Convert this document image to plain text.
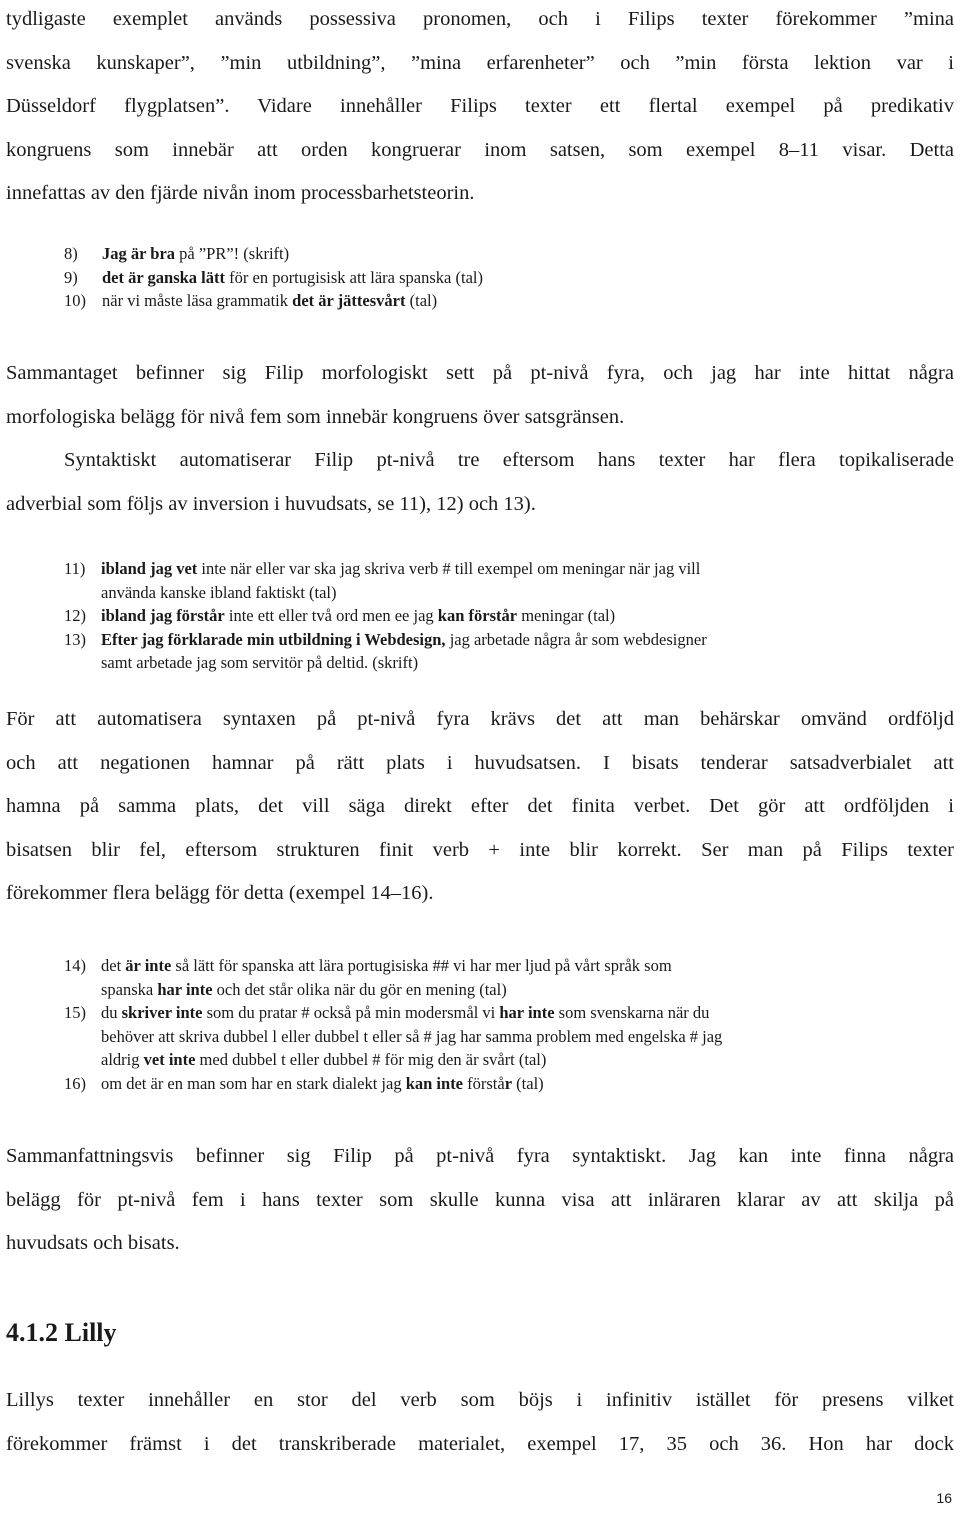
tydligaste exemplet används possessiva pronomen, och i Filips texter förekommer ”mina
svenska kunskaper”, ”min utbildning”, ”mina erfarenheter” och ”min första lektion var i
Düsseldorf flygplatsen”. Vidare innehåller Filips texter ett flertal exempel på predikativ
kongruens som innebär att orden kongruerar inom satsen, som exempel 8–11 visar. Detta
innefattas av den fjärde nivån inom processbarhetsteorin.
8)	Jag är bra på ”PR”! (skrift)
9)	det är ganska lätt för en portugisisk att lära spanska (tal)
10) när vi måste läsa grammatik det är jättesvårt (tal)
Sammantaget befinner sig Filip morfologiskt sett på pt-nivå fyra, och jag har inte hittat några
morfologiska belägg för nivå fem som innebär kongruens över satsgränsen.
Syntaktiskt automatiserar Filip pt-nivå tre eftersom hans texter har flera topikaliserade
adverbial som följs av inversion i huvudsats, se 11), 12) och 13).
11) ibland jag vet inte när eller var ska jag skriva verb # till exempel om meningar när jag vill
använda kanske ibland faktiskt (tal)
12) ibland jag förstår inte ett eller två ord men ee jag kan förstår meningar (tal)
13) Efter jag förklarade min utbildning i Webdesign, jag arbetade några år som webdesigner
samt arbetade jag som servitör på deltid. (skrift)
För att automatisera syntaxen på pt-nivå fyra krävs det att man behärskar omvänd ordföljd
och att negationen hamnar på rätt plats i huvudsatsen. I bisats tenderar satsadverbialet att
hamna på samma plats, det vill säga direkt efter det finita verbet. Det gör att ordföljden i
bisatsen blir fel, eftersom strukturen finit verb + inte blir korrekt. Ser man på Filips texter
förekommer flera belägg för detta (exempel 14–16).
14) det är inte så lätt för spanska att lära portugisiska ## vi har mer ljud på vårt språk som
spanska har inte och det står olika när du gör en mening (tal)
15) du skriver inte som du pratar # också på min modersmål vi har inte som svenskarna när du
behöver att skriva dubbel l eller dubbel t eller så # jag har samma problem med engelska # jag
aldrig vet inte med dubbel t eller dubbel # för mig den är svårt (tal)
16) om det är en man som har en stark dialekt jag kan inte förstår (tal)
Sammanfattningsvis befinner sig Filip på pt-nivå fyra syntaktiskt. Jag kan inte finna några
belägg för pt-nivå fem i hans texter som skulle kunna visa att inläraren klarar av att skilja på
huvudsats och bisats.
4.1.2 Lilly
Lillys texter innehåller en stor del verb som böjs i infinitiv istället för presens vilket
förekommer främst i det transkriberade materialet, exempel 17, 35 och 36. Hon har dock
16
